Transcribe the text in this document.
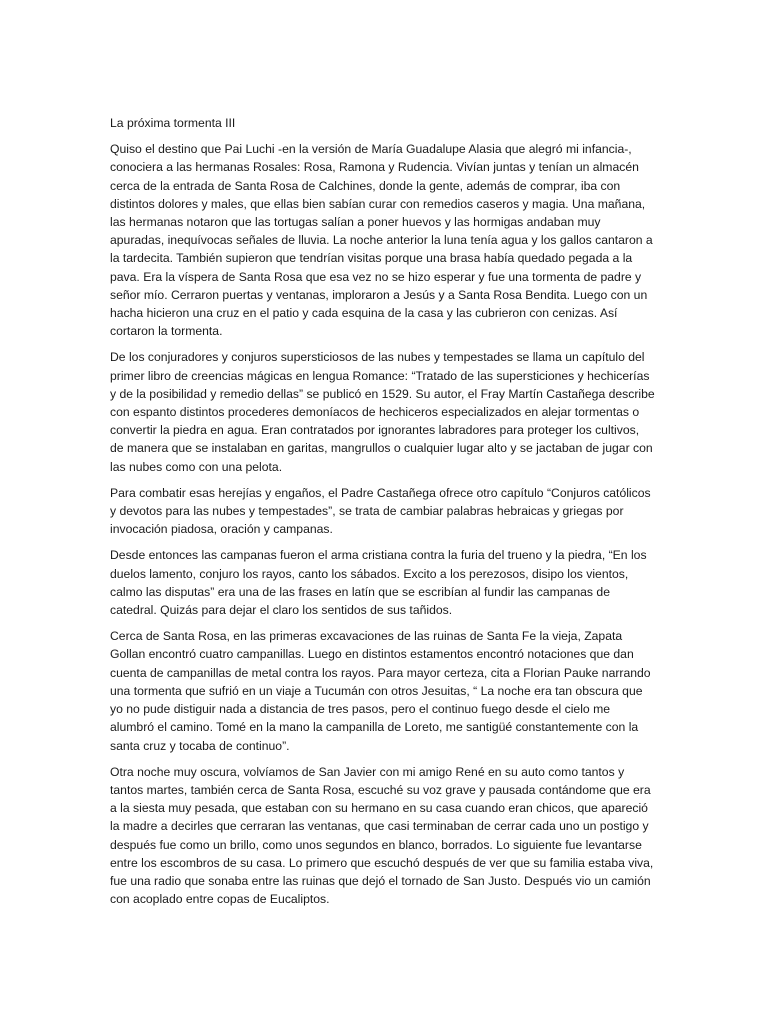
La próxima tormenta III

Quiso el destino que Pai Luchi -en la versión de María Guadalupe Alasia que alegró mi infancia-, conociera a las hermanas Rosales: Rosa, Ramona y Rudencia. Vivían juntas y tenían un almacén cerca de la entrada de Santa Rosa de Calchines, donde la gente, además de comprar, iba con distintos dolores y males, que ellas bien sabían curar con remedios caseros y magia. Una mañana, las hermanas notaron que las tortugas salían a poner huevos y las hormigas andaban muy apuradas, inequívocas señales de lluvia. La noche anterior la luna tenía agua y los gallos cantaron a la tardecita. También supieron que tendrían visitas porque una brasa había quedado pegada a la pava. Era la víspera de Santa Rosa que esa vez no se hizo esperar y fue una tormenta de padre y señor mío. Cerraron puertas y ventanas, imploraron a Jesús y a Santa Rosa Bendita. Luego con un hacha hicieron una cruz en el patio y cada esquina de la casa y las cubrieron con cenizas. Así cortaron la tormenta.

De los conjuradores y conjuros supersticiosos de las nubes y tempestades se llama un capítulo del primer libro de creencias mágicas en lengua Romance: “Tratado de las supersticiones y hechicerías y de la posibilidad y remedio dellas” se publicó en 1529. Su autor, el Fray Martín Castañega describe con espanto distintos procederes demoníacos de hechiceros especializados en alejar tormentas o convertir la piedra en agua. Eran contratados por ignorantes labradores para proteger los cultivos, de manera que se instalaban en garitas, mangrullos o cualquier lugar alto y se jactaban de jugar con las nubes como con una pelota.

Para combatir esas herejías y engaños, el Padre Castañega ofrece otro capítulo “Conjuros católicos y devotos para las nubes y tempestades”, se trata de cambiar palabras hebraicas y griegas por invocación piadosa, oración y campanas.

Desde entonces las campanas fueron el arma cristiana contra la furia del trueno y la piedra, “En los duelos lamento, conjuro los rayos, canto los sábados. Excito a los perezosos, disipo los vientos, calmo las disputas” era una de las frases en latín que se escribían al fundir las campanas de catedral. Quizás para dejar el claro los sentidos de sus tañidos.

Cerca de Santa Rosa, en las primeras excavaciones de las ruinas de Santa Fe la vieja, Zapata Gollan encontró cuatro campanillas. Luego en distintos estamentos encontró notaciones que dan cuenta de campanillas de metal contra los rayos. Para mayor certeza, cita a Florian Pauke narrando una tormenta que sufrió en un viaje a Tucumán con otros Jesuitas, “ La noche era tan obscura que yo no pude distiguir nada a distancia de tres pasos, pero el continuo fuego desde el cielo me alumbró el camino. Tomé en la mano la campanilla de Loreto, me santigüé constantemente con la santa cruz y tocaba de continuo”.

Otra noche muy oscura, volvíamos de San Javier con mi amigo René en su auto como tantos y tantos martes, también cerca de Santa Rosa, escuché su voz grave y pausada contándome que era a la siesta muy pesada, que estaban con su hermano en su casa cuando eran chicos, que apareció la madre a decirles que cerraran las ventanas, que casi terminaban de cerrar cada uno un postigo y después fue como un brillo, como unos segundos en blanco, borrados. Lo siguiente fue levantarse entre los escombros de su casa. Lo primero que escuchó después de ver que su familia estaba viva, fue una radio que sonaba entre las ruinas que dejó el tornado de San Justo. Después vio un camión con acoplado entre copas de Eucaliptos.
